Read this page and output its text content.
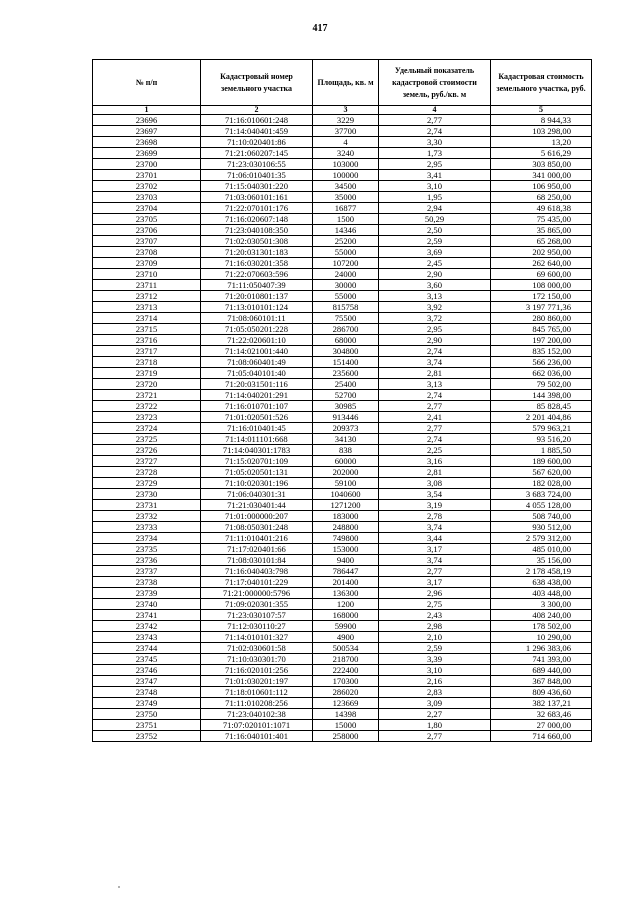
417
№ п/п	Кадастровый номер земельного участка	Площадь, кв. м	Удельный показатель кадастровой стоимости земель, руб./кв. м	Кадастровая стоимость земельного участка, руб.
1	2	3	4	5
23696	71:16:010601:248	3229	2,77	8 944,33
23697	71:14:040401:459	37700	2,74	103 298,00
23698	71:10:020401:86	4	3,30	13,20
23699	71:21:060207:145	3240	1,73	5 616,29
23700	71:23:030106:55	103000	2,95	303 850,00
23701	71:06:010401:35	100000	3,41	341 000,00
23702	71:15:040301:220	34500	3,10	106 950,00
23703	71:03:060101:161	35000	1,95	68 250,00
23704	71:22:070101:176	16877	2,94	49 618,38
23705	71:16:020607:148	1500	50,29	75 435,00
23706	71:23:040108:350	14346	2,50	35 865,00
23707	71:02:030501:308	25200	2,59	65 268,00
23708	71:20:031301:183	55000	3,69	202 950,00
23709	71:16:030201:358	107200	2,45	262 640,00
23710	71:22:070603:596	24000	2,90	69 600,00
23711	71:11:050407:39	30000	3,60	108 000,00
23712	71:20:010801:137	55000	3,13	172 150,00
23713	71:13:010101:124	815758	3,92	3 197 771,36
23714	71:08:060101:11	75500	3,72	280 860,00
23715	71:05:050201:228	286700	2,95	845 765,00
23716	71:22:020601:10	68000	2,90	197 200,00
23717	71:14:021001:440	304800	2,74	835 152,00
23718	71:08:060401:49	151400	3,74	566 236,00
23719	71:05:040101:40	235600	2,81	662 036,00
23720	71:20:031501:116	25400	3,13	79 502,00
23721	71:14:040201:291	52700	2,74	144 398,00
23722	71:16:010701:107	30985	2,77	85 828,45
23723	71:01:020501:526	913446	2,41	2 201 404,86
23724	71:16:010401:45	209373	2,77	579 963,21
23725	71:14:011101:668	34130	2,74	93 516,20
23726	71:14:040301:1783	838	2,25	1 885,50
23727	71:15:020701:109	60000	3,16	189 600,00
23728	71:05:020501:131	202000	2,81	567 620,00
23729	71:10:020301:196	59100	3,08	182 028,00
23730	71:06:040301:31	1040600	3,54	3 683 724,00
23731	71:21:030401:44	1271200	3,19	4 055 128,00
23732	71:01:000000:207	183000	2,78	508 740,00
23733	71:08:050301:248	248800	3,74	930 512,00
23734	71:11:010401:216	749800	3,44	2 579 312,00
23735	71:17:020401:66	153000	3,17	485 010,00
23736	71:08:030101:84	9400	3,74	35 156,00
23737	71:16:040403:798	786447	2,77	2 178 458,19
23738	71:17:040101:229	201400	3,17	638 438,00
23739	71:21:000000:5796	136300	2,96	403 448,00
23740	71:09:020301:355	1200	2,75	3 300,00
23741	71:23:030107:57	168000	2,43	408 240,00
23742	71:12:030110:27	59900	2,98	178 502,00
23743	71:14:010101:327	4900	2,10	10 290,00
23744	71:02:030601:58	500534	2,59	1 296 383,06
23745	71:10:030301:70	218700	3,39	741 393,00
23746	71:16:020101:256	222400	3,10	689 440,00
23747	71:01:030201:197	170300	2,16	367 848,00
23748	71:18:010601:112	286020	2,83	809 436,60
23749	71:11:010208:256	123669	3,09	382 137,21
23750	71:23:040102:38	14398	2,27	32 683,46
23751	71:07:020101:1071	15000	1,80	27 000,00
23752	71:16:040101:401	258000	2,77	714 660,00
